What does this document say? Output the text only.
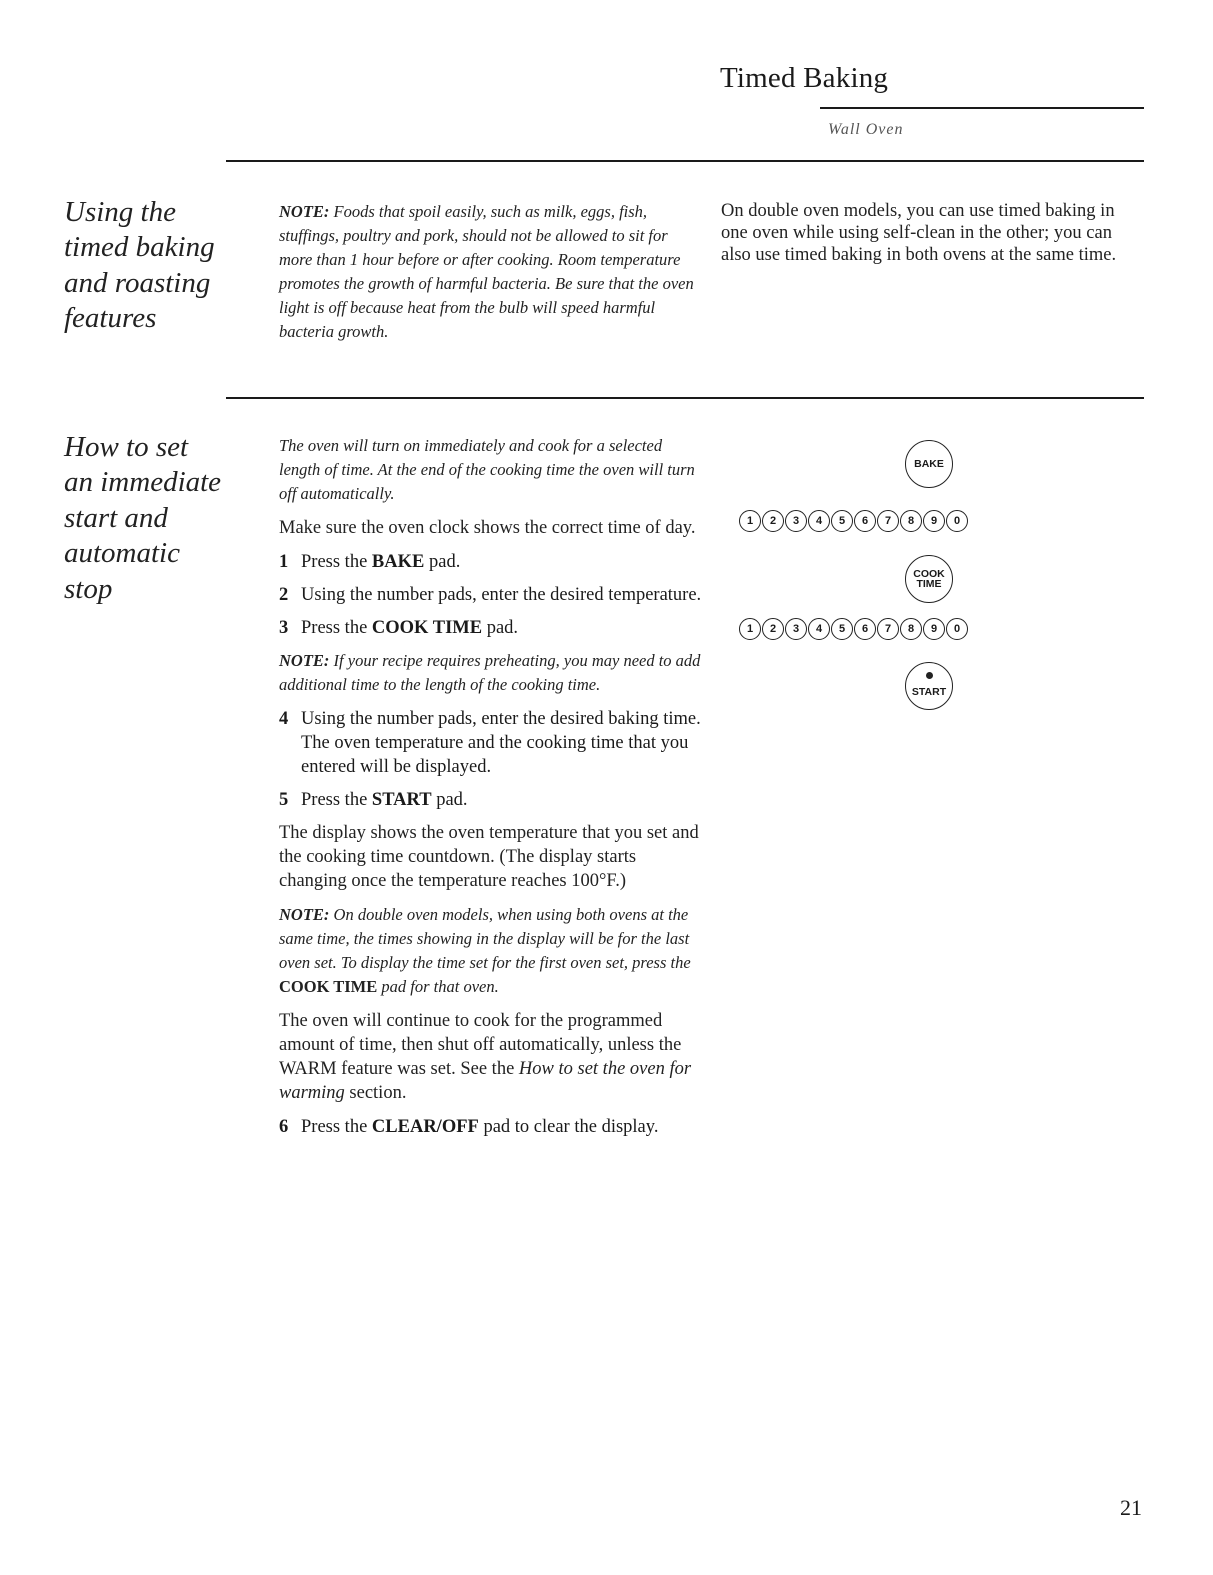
Timed Baking
Wall Oven
Using the
timed baking
and roasting
features
NOTE: Foods that spoil easily, such as milk, eggs, fish, stuffings, poultry and pork, should not be allowed to sit for more than 1 hour before or after cooking. Room temperature promotes the growth of harmful bacteria. Be sure that the oven light is off because heat from the bulb will speed harmful bacteria growth.
On double oven models, you can use timed baking in one oven while using self-clean in the other; you can also use timed baking in both ovens at the same time.
How to set
an immediate
start and
automatic
stop

The oven will turn on immediately and cook for a selected length of time. At the end of the cooking time the oven will turn off automatically.

Make sure the oven clock shows the correct time of day.

1 Press the BAKE pad.
2 Using the number pads, enter the desired temperature.
3 Press the COOK TIME pad.

NOTE: If your recipe requires preheating, you may need to add additional time to the length of the cooking time.

4 Using the number pads, enter the desired baking time. The oven temperature and the cooking time that you entered will be displayed.
5 Press the START pad.

The display shows the oven temperature that you set and the cooking time countdown. (The display starts changing once the temperature reaches 100°F.)

NOTE: On double oven models, when using both ovens at the same time, the times showing in the display will be for the last oven set. To display the time set for the first oven set, press the COOK TIME pad for that oven.

The oven will continue to cook for the programmed amount of time, then shut off automatically, unless the WARM feature was set. See the How to set the oven for warming section.

6 Press the CLEAR/OFF pad to clear the display.
BAKE
1	2	3	4	5	6	7	8	9	0
COOK
TIME
1	2	3	4	5	6	7	8	9	0
START
21
